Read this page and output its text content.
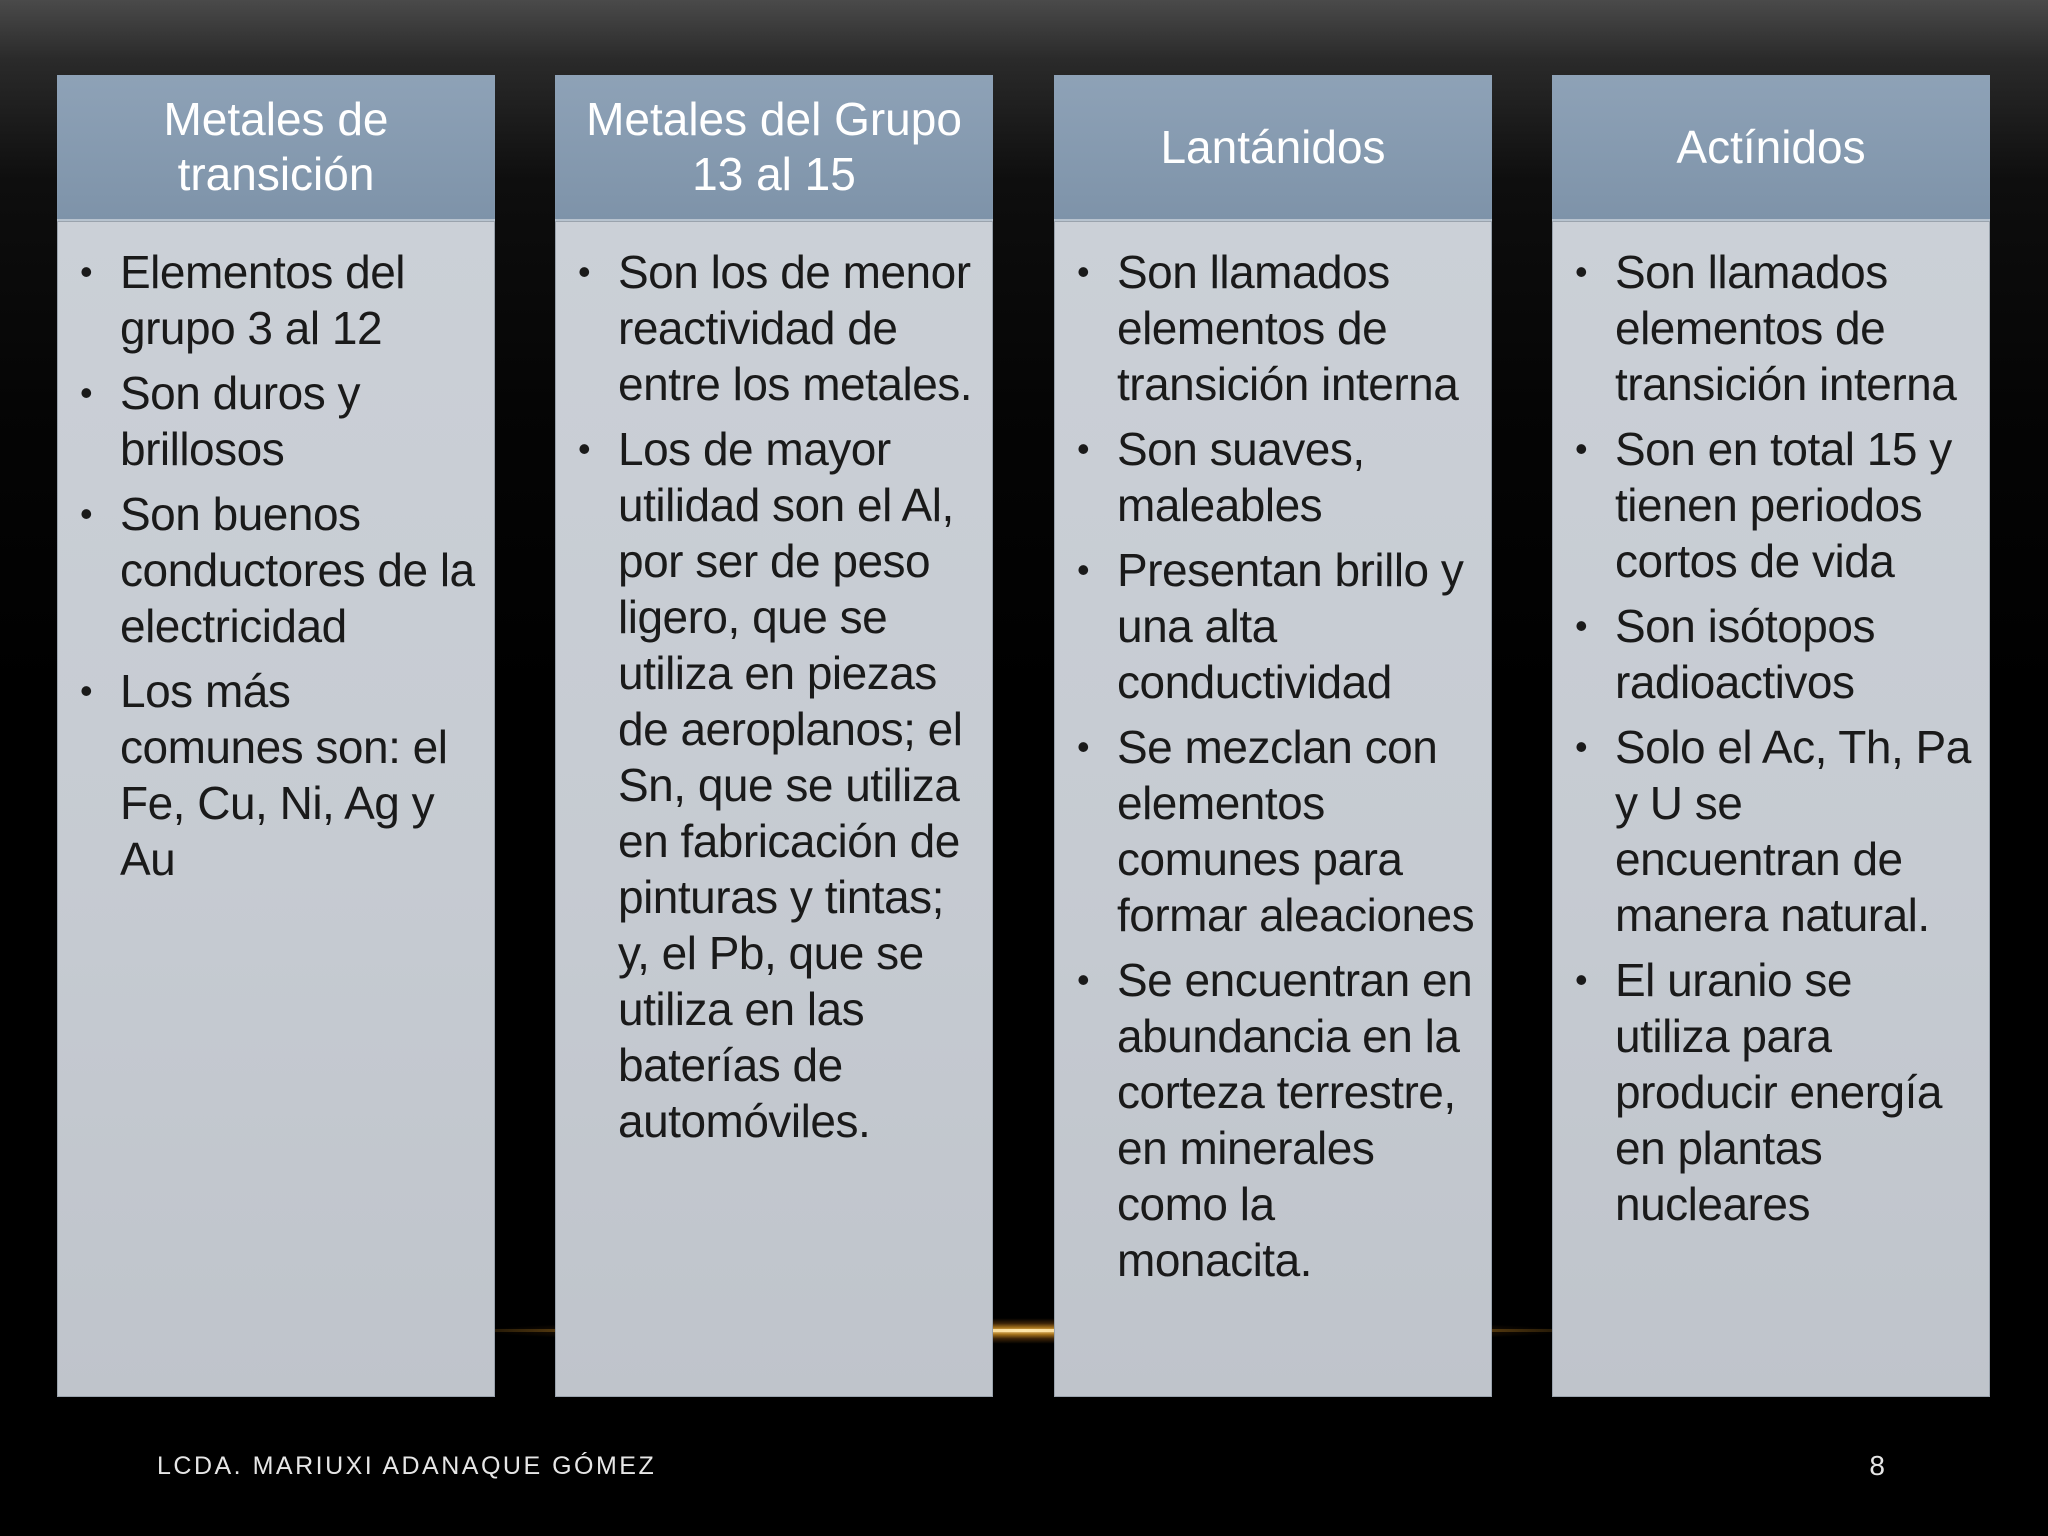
Metales de transición
• Elementos del grupo 3 al 12
• Son duros y brillosos
• Son buenos conductores de la electricidad
• Los más comunes son: el Fe, Cu, Ni, Ag y Au
Metales del Grupo 13 al 15
• Son los de menor reactividad de entre los metales.
• Los de mayor utilidad son el Al, por ser de peso ligero, que se utiliza en piezas de aeroplanos; el Sn, que se utiliza en fabricación de pinturas y tintas; y, el Pb, que se utiliza en las baterías de automóviles.
Lantánidos
• Son llamados elementos de transición interna
• Son suaves, maleables
• Presentan brillo y una alta conductividad
• Se mezclan con elementos comunes para formar aleaciones
• Se encuentran en abundancia en la corteza terrestre, en minerales como la monacita.
Actínidos
• Son llamados elementos de transición interna
• Son en total 15 y tienen periodos cortos de vida
• Son isótopos radioactivos
• Solo el Ac, Th, Pa y U se encuentran de manera natural.
• El uranio se utiliza para producir energía en plantas nucleares
LCDA. MARIUXI ADANAQUE GÓMEZ	8
